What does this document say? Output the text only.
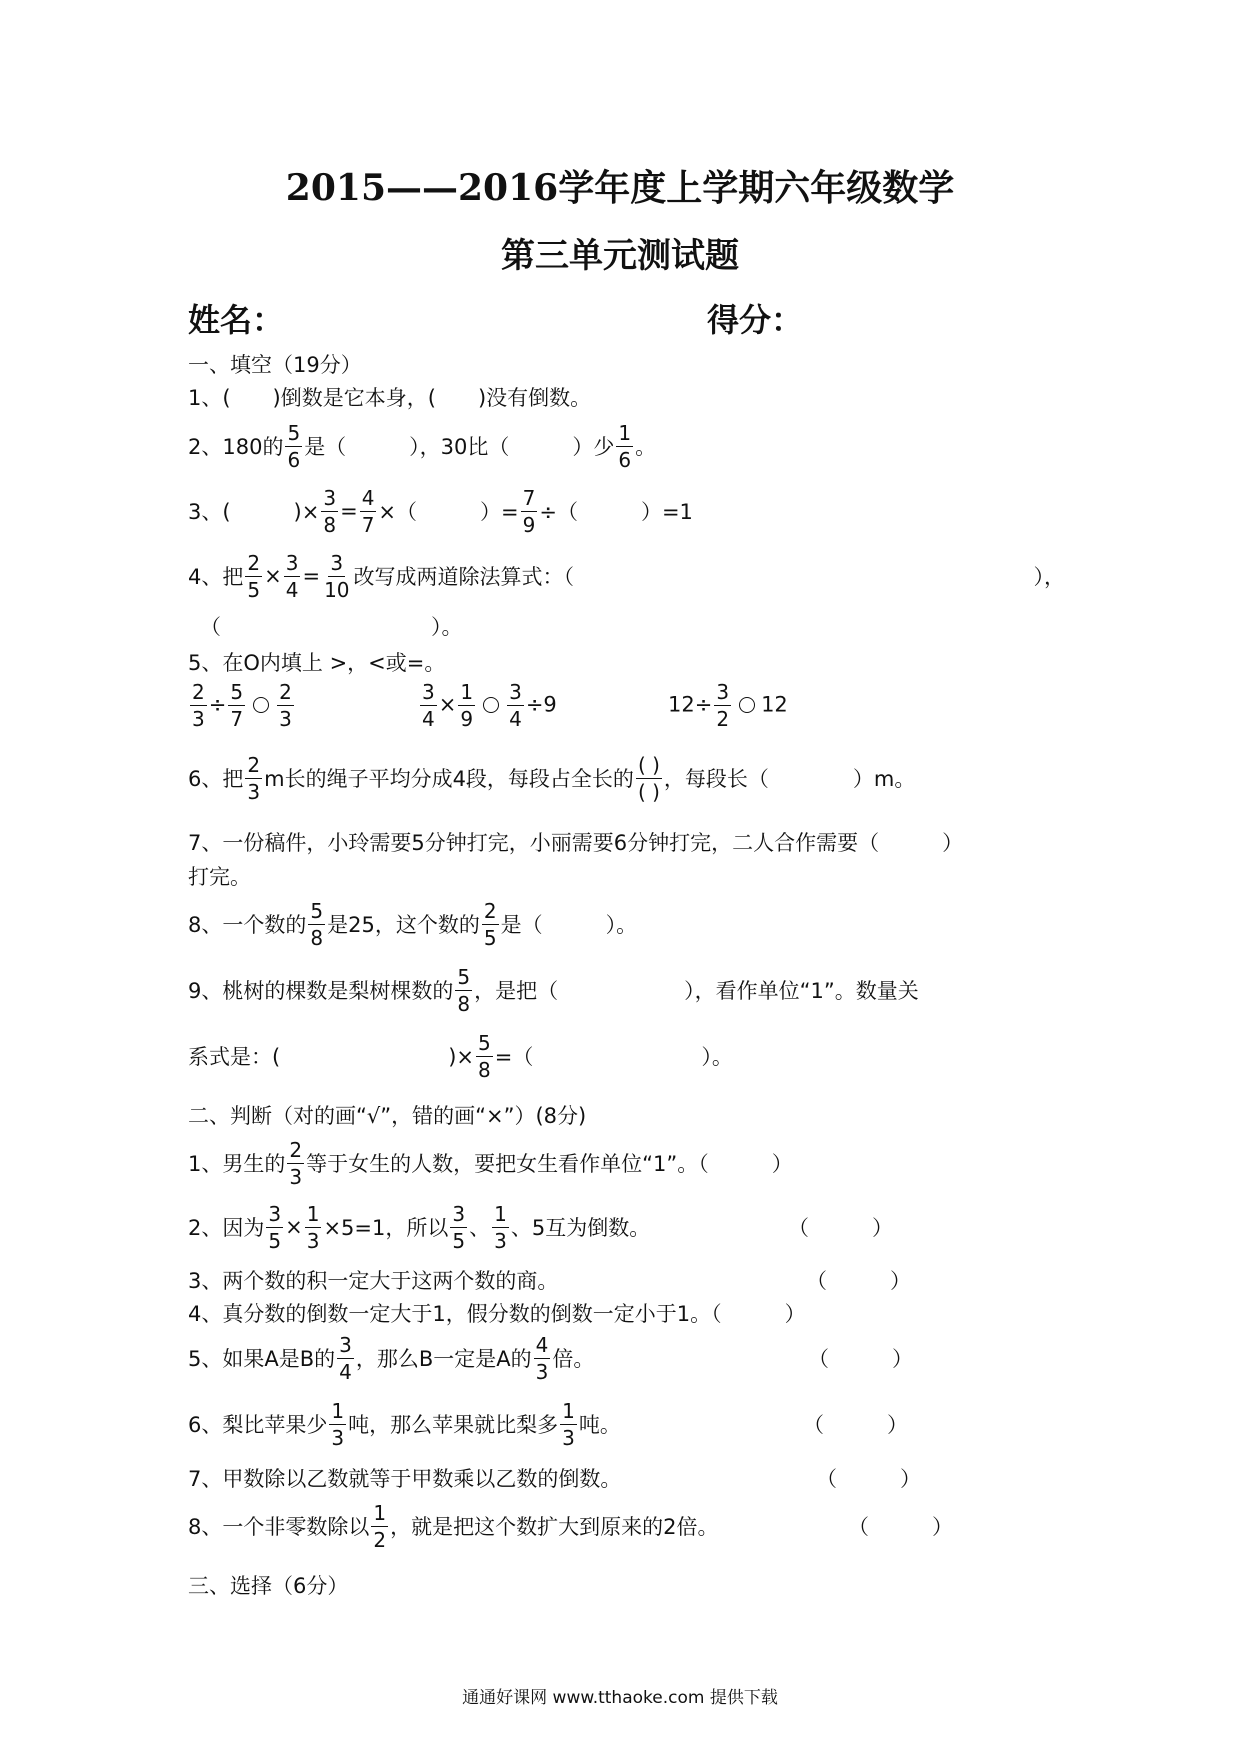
2015——2016学年度上学期六年级数学
第三单元测试题
姓名：	得分：
一、填空（19分）
1、(　　)倒数是它本身，(　　)没有倒数。
2、180的
5
6
是（　　　），30比（　　　）少
1
6
。
3、(　　　)× $\frac{3}{8} = \frac{4}{7}$ ×（　　　）= $\frac{7}{9}$ ÷（　　　）=1
4、把 $\frac{2}{5} \times \frac{3}{4} = \frac{3}{10}$ 改写成两道除法算式：（	），
（　　　　　　　　　　）。
5、在O内填上 >，<或=。
$\frac{2}{3} \div \frac{5}{7} \frac{2}{3}$	$\frac{3}{4} \times \frac{1}{9} \frac{3}{4} \div 9$	$12\div \frac{3}{2} 12$
6、把
2
3
m长的绳子平均分成4段，每段占全长的
( )
( )
，每段长（　　　　）m。
7、一份稿件，小玲需要5分钟打完，小丽需要6分钟打完，二人合作需要（　　　）
打完。
8、一个数的
5
8
是25，这个数的
2
5
是（　　　）。
9、桃树的棵数是梨树棵数的
5
8
，是把（　　　　　　），看作单位“1”。数量关
系式是：(　　　　　　　　)× $\frac{5}{8}$ =（　　　　　　　　）。
二、判断（对的画“√”，错的画“×”）(8分)
1、男生的
2
3
等于女生的人数，要把女生看作单位“1”。（　　　）
2、因为 $\frac{3}{5} \times \frac{1}{3} \times 5=1$，所以
3
5
、
1
3
、5互为倒数。	（　　　）
3、两个数的积一定大于这两个数的商。	（　　　）
4、真分数的倒数一定大于1，假分数的倒数一定小于1。（　　　）
5、如果A是B的
3
4
，那么B一定是A的
4
3
倍。	（　　　）
6、梨比苹果少
1
3
吨，那么苹果就比梨多
1
3
吨。	（　　　）
7、甲数除以乙数就等于甲数乘以乙数的倒数。	（　　　）
8、一个非零数除以
1
2
，就是把这个数扩大到原来的2倍。	（　　　）
三、选择（6分）
通通好课网 www.tthaoke.com 提供下载
